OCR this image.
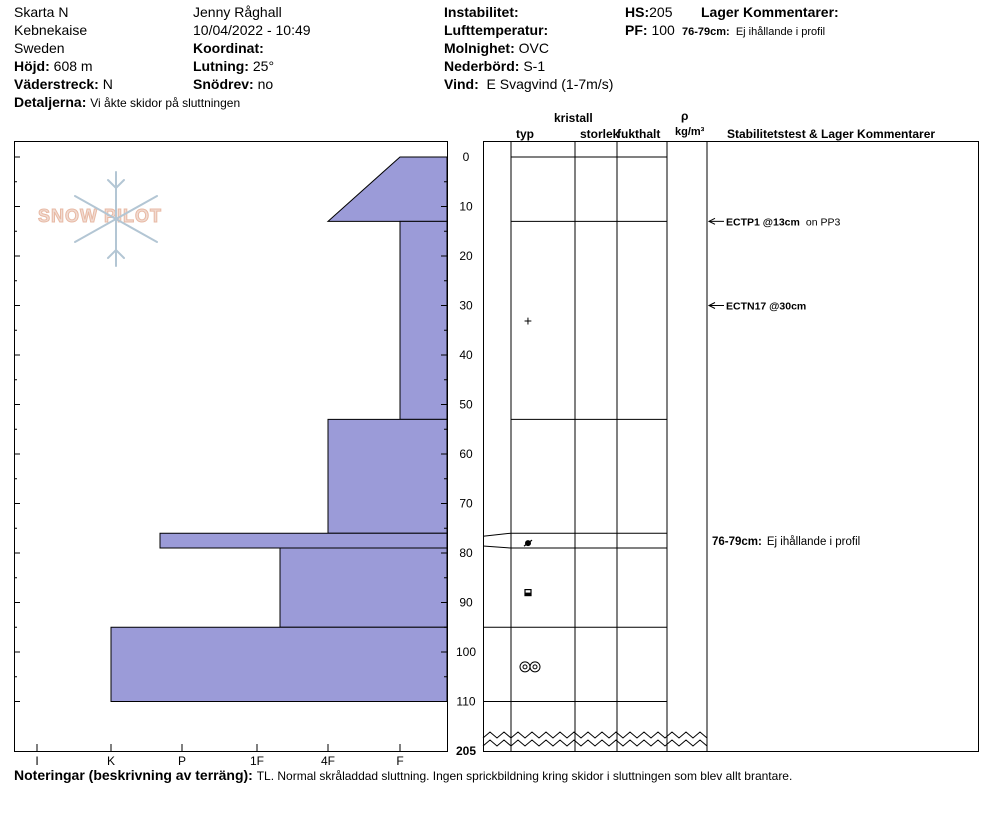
Skarta N
Kebnekaise
Sweden
Höjd: 608 m
Väderstreck: N
Detaljerna: Vi åkte skidor på sluttningen
Jenny Råghall
10/04/2022 - 10:49
Koordinat:
Lutning: 25°
Snödrev: no
Instabilitet:
Lufttemperatur:
Molnighet: OVC
Nederbörd: S-1
Vind: E Svagvind (1-7m/s)
HS:205
PF: 100
Lager Kommentarer:
76-79cm: Ej ihållande i profil
kristall
typ	storlek
fukthalt
ρ
kg/m³ Stabilitetstest & Lager Kommentarer
SNOW PILOT
I	K	P	1F	4F	F
0
10
20
30
40
50
60
70
80
90
100
110
205
+
ECTP1 @13cm on PP3
ECTN17 @30cm
76-79cm: Ej ihållande i profil
Noteringar (beskrivning av terräng): TL. Normal skråladdad sluttning. Ingen sprickbildning kring skidor i sluttningen som blev allt brantare.
